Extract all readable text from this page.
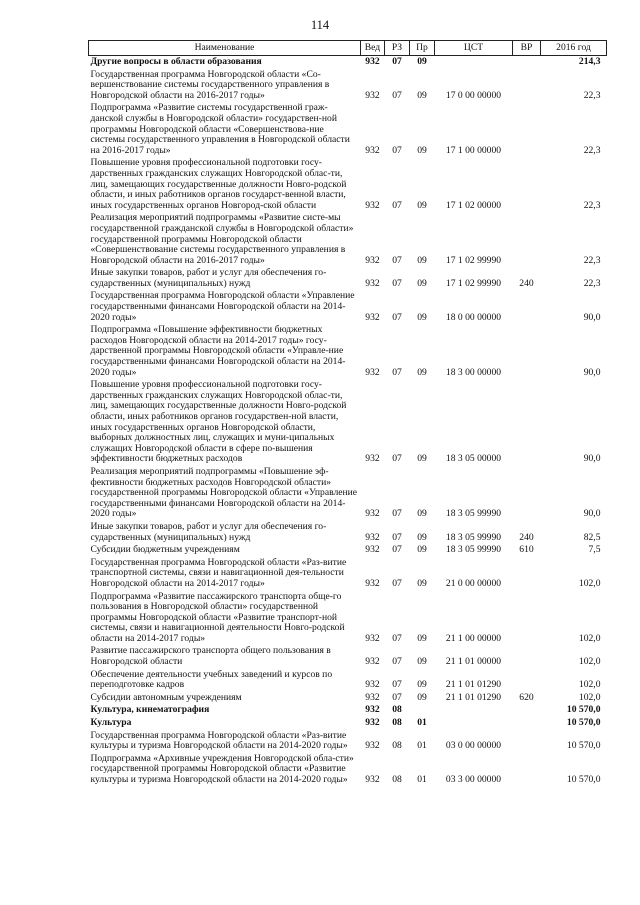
114
Наименование	Вед	РЗ	Пр	ЦСТ	ВР	2016 год
Другие вопросы в области образования	932	07	09			214,3
Государственная программа Новгородской области «Со-вершенствование системы государственного управления в Новгородской области на 2016-2017 годы»	932	07	09	17 0 00 00000		22,3
Подпрограмма «Развитие системы государственной граж-данской службы в Новгородской области» государствен-ной программы Новгородской области «Совершенствова-ние системы государственного управления в Новгородской области на 2016-2017 годы»	932	07	09	17 1 00 00000		22,3
Повышение уровня профессиональной подготовки госу-дарственных гражданских служащих Новгородской облас-ти, лиц, замещающих государственные должности Новго-родской области, и иных работников органов государст-венной власти, иных государственных органов Новгород-ской области	932	07	09	17 1 02 00000		22,3
Реализация мероприятий подпрограммы «Развитие систе-мы государственной гражданской службы в Новгородской области» государственной программы Новгородской области «Совершенствование системы государственного управления в Новгородской области на 2016-2017 годы»	932	07	09	17 1 02 99990		22,3
Иные закупки товаров, работ и услуг для обеспечения го-сударственных (муниципальных) нужд	932	07	09	17 1 02 99990	240	22,3
Государственная программа Новгородской области «Управление государственными финансами Новгородской области на 2014-2020 годы»	932	07	09	18 0 00 00000		90,0
Подпрограмма «Повышение эффективности бюджетных расходов Новгородской области на 2014-2017 годы» госу-дарственной программы Новгородской области «Управле-ние государственными финансами Новгородской области на 2014-2020 годы»	932	07	09	18 3 00 00000		90,0
Повышение уровня профессиональной подготовки госу-дарственных гражданских служащих Новгородской облас-ти, лиц, замещающих государственные должности Новго-родской области, иных работников органов государствен-ной власти, иных государственных органов Новгородской области, выборных должностных лиц, служащих и муни-ципальных служащих Новгородской области в сфере по-вышения эффективности бюджетных расходов	932	07	09	18 3 05 00000		90,0
Реализация мероприятий подпрограммы «Повышение эф-фективности бюджетных расходов Новгородской области» государственной программы Новгородской области «Управление государственными финансами Новгородской области на 2014-2020 годы»	932	07	09	18 3 05 99990		90,0
Иные закупки товаров, работ и услуг для обеспечения го-сударственных (муниципальных) нужд	932	07	09	18 3 05 99990	240	82,5
Субсидии бюджетным учреждениям	932	07	09	18 3 05 99990	610	7,5
Государственная программа Новгородской области «Раз-витие транспортной системы, связи и навигационной дея-тельности Новгородской области на 2014-2017 годы»	932	07	09	21 0 00 00000		102,0
Подпрограмма «Развитие пассажирского транспорта обще-го пользования в Новгородской области» государственной программы Новгородской области «Развитие транспорт-ной системы, связи и навигационной деятельности Новго-родской области на 2014-2017 годы»	932	07	09	21 1 00 00000		102,0
Развитие пассажирского транспорта общего пользования в Новгородской области	932	07	09	21 1 01 00000		102,0
Обеспечение деятельности учебных заведений и курсов по переподготовке кадров	932	07	09	21 1 01 01290		102,0
Субсидии автономным учреждениям	932	07	09	21 1 01 01290	620	102,0
Культура, кинематография	932	08				10 570,0
Культура	932	08	01			10 570,0
Государственная программа Новгородской области «Раз-витие культуры и туризма Новгородской области на 2014-2020 годы»	932	08	01	03 0 00 00000		10 570,0
Подпрограмма «Архивные учреждения Новгородской обла-сти» государственной программы Новгородской области «Развитие культуры и туризма Новгородской области на 2014-2020 годы»	932	08	01	03 3 00 00000		10 570,0
